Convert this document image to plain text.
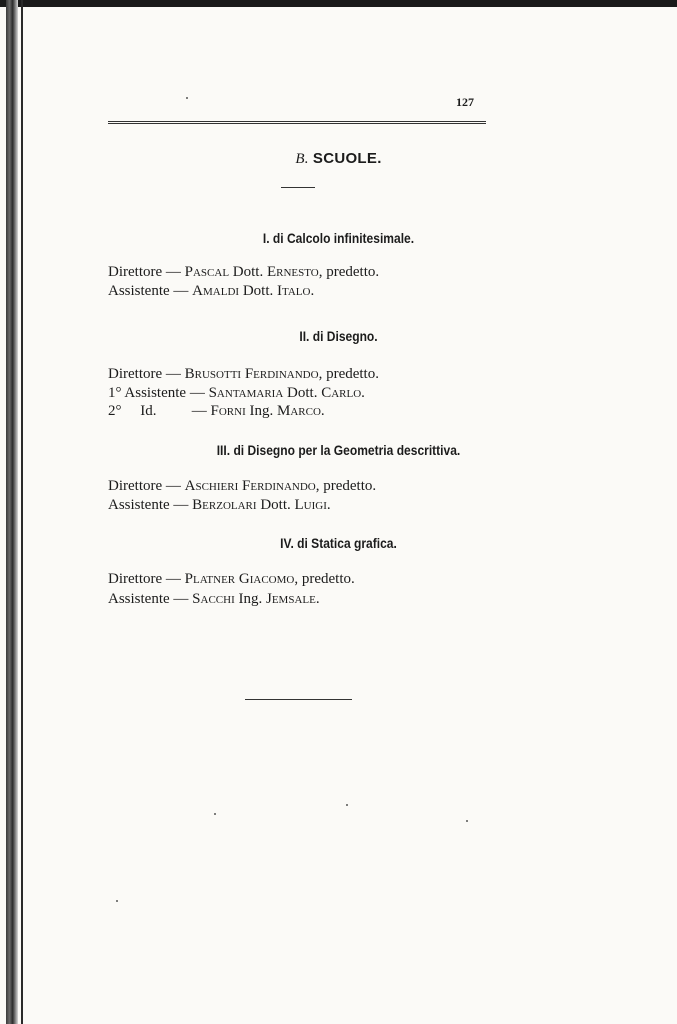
127
B. SCUOLE.
I. di Calcolo infinitesimale.
Direttore — Pascal Dott. Ernesto, predetto.
Assistente — Amaldi Dott. Italo.
II. di Disegno.
Direttore — Brusotti Ferdinando, predetto.
1° Assistente — Santamaria Dott. Carlo.
2°     Id. — Forni Ing. Marco.
III. di Disegno per la Geometria descrittiva.
Direttore — Aschieri Ferdinando, predetto.
Assistente — Berzolari Dott. Luigi.
IV. di Statica grafica.
Direttore — Platner Giacomo, predetto.
Assistente — Sacchi Ing. Jemsale.
